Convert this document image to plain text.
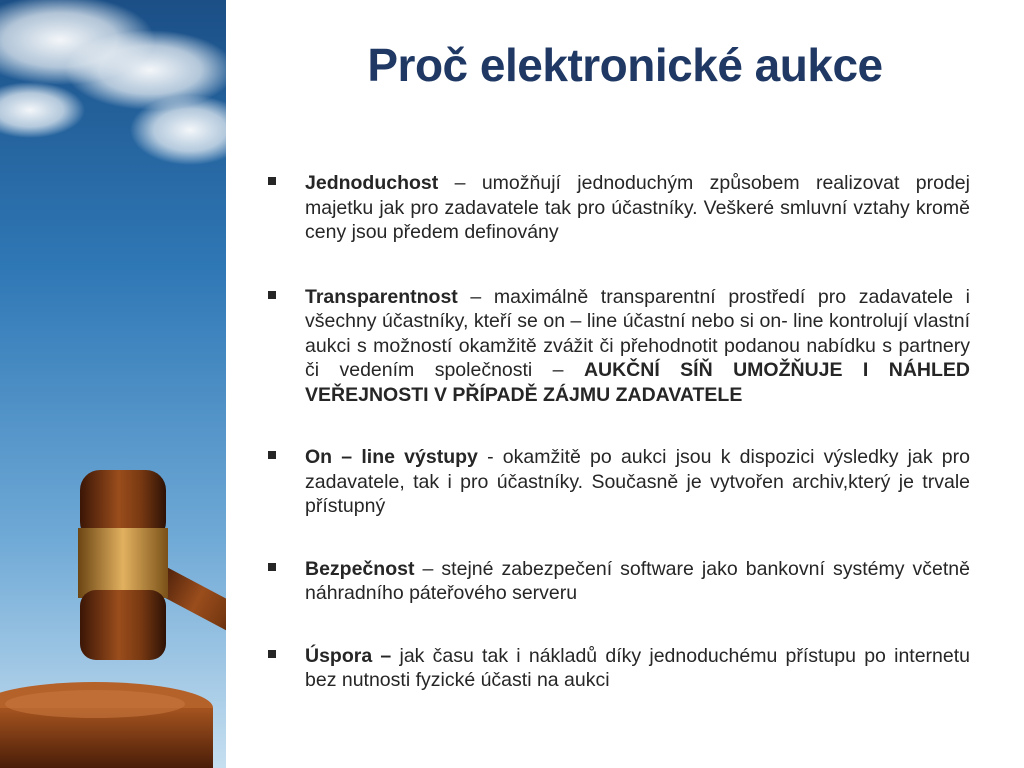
Proč elektronické aukce
Jednoduchost – umožňují jednoduchým způsobem realizovat prodej majetku jak pro zadavatele tak pro účastníky. Veškeré smluvní vztahy kromě ceny jsou předem definovány
Transparentnost – maximálně transparentní prostředí pro zadavatele i všechny účastníky, kteří se on – line účastní nebo si on- line kontrolují vlastní aukci s možností okamžitě zvážit či přehodnotit podanou nabídku s partnery či vedením společnosti – AUKČNÍ SÍŇ UMOŽŇUJE I NÁHLED VEŘEJNOSTI V PŘÍPADĚ ZÁJMU ZADAVATELE
On – line výstupy - okamžitě po aukci jsou k dispozici výsledky jak pro zadavatele, tak i pro účastníky. Současně je vytvořen archiv,který je trvale přístupný
Bezpečnost – stejné zabezpečení software jako bankovní systémy včetně náhradního páteřového serveru
Úspora – jak času tak i nákladů díky jednoduchému přístupu po internetu bez nutnosti fyzické účasti na aukci
